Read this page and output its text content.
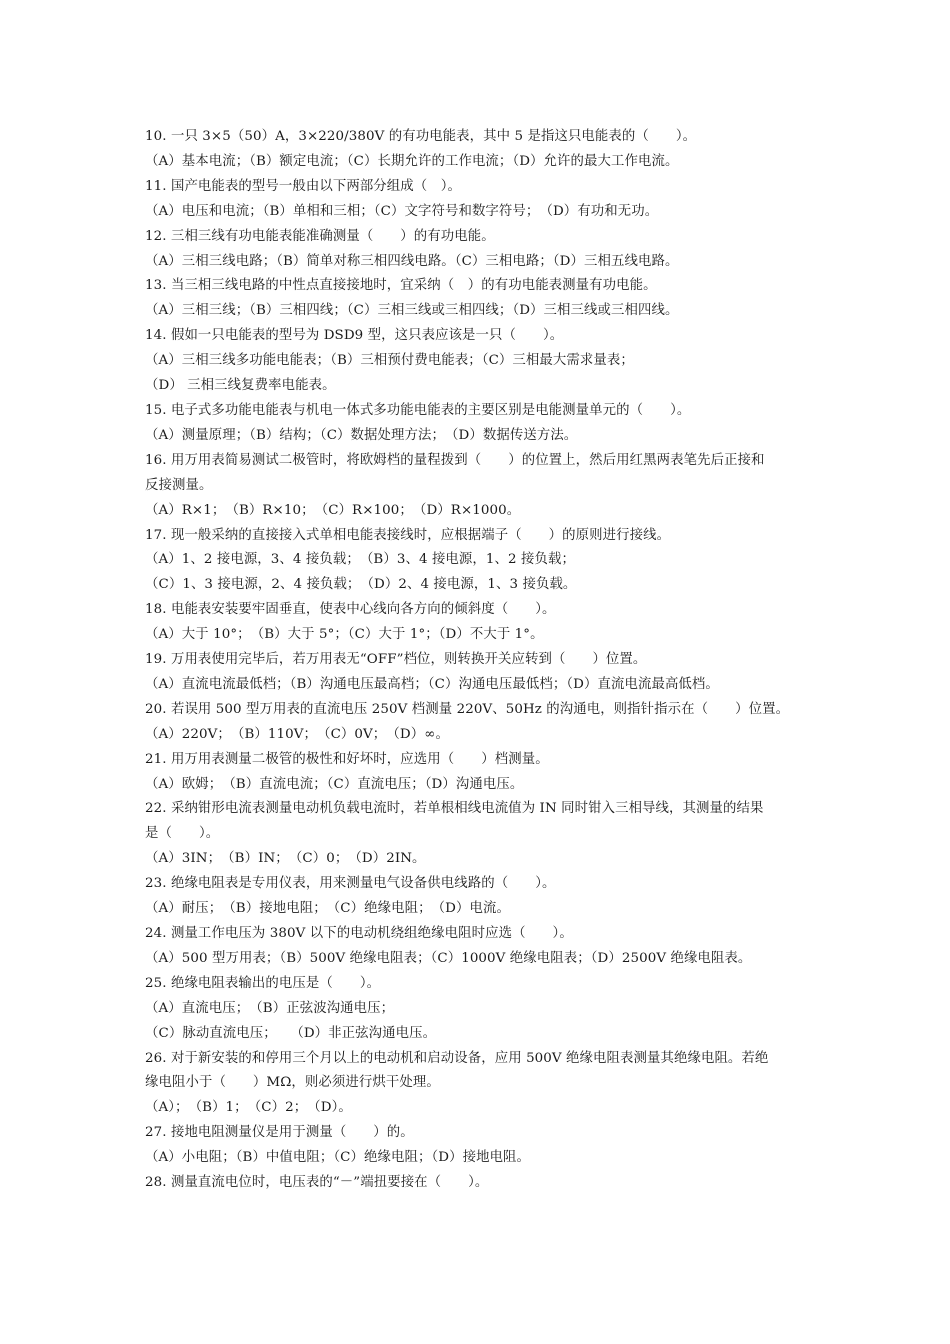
10. 一只 3×5（50）A，3×220/380V 的有功电能表，其中 5 是指这只电能表的（　　）。
（A）基本电流；（B）额定电流；（C）长期允许的工作电流；（D）允许的最大工作电流。
11. 国产电能表的型号一般由以下两部分组成（　）。
（A）电压和电流；（B）单相和三相；（C）文字符号和数字符号；　（D）有功和无功。
12. 三相三线有功电能表能准确测量（　　）的有功电能。
（A）三相三线电路；（B）简单对称三相四线电路。（C）三相电路；（D）三相五线电路。
13. 当三相三线电路的中性点直接接地时，宜采纳（　）的有功电能表测量有功电能。
（A）三相三线；（B）三相四线；（C）三相三线或三相四线；（D）三相三线或三相四线。
14. 假如一只电能表的型号为 DSD9 型，这只表应该是一只（　　）。
（A）三相三线多功能电能表；（B）三相预付费电能表；（C）三相最大需求量表；
（D） 三相三线复费率电能表。
15. 电子式多功能电能表与机电一体式多功能电能表的主要区别是电能测量单元的（　　）。
（A）测量原理；（B）结构；（C）数据处理方法；　（D）数据传送方法。
16. 用万用表简易测试二极管时，将欧姆档的量程拨到（　　）的位置上，然后用红黑两表笔先后正接和
反接测量。
（A）R×1；　（B）R×10；　（C）R×100；　（D）R×1000。
17. 现一般采纳的直接接入式单相电能表接线时，应根据端子（　　）的原则进行接线。
（A）1、2 接电源，3、4 接负载；　（B）3、4 接电源，1、2 接负载；
（C）1、3 接电源，2、4 接负载；　（D）2、4 接电源，1、3 接负载。
18. 电能表安装要牢固垂直，使表中心线向各方向的倾斜度（　　）。
（A）大于 10°；　（B）大于 5°；（C）大于 1°；（D）不大于 1°。
19. 万用表使用完毕后，若万用表无“OFF”档位，则转换开关应转到（　　）位置。
（A）直流电流最低档；（B）沟通电压最高档；（C）沟通电压最低档；（D）直流电流最高低档。
20. 若误用 500 型万用表的直流电压 250V 档测量 220V、50Hz 的沟通电，则指针指示在（　　）位置。
（A）220V；　（B）110V；　（C）0V；　（D）∞。
21. 用万用表测量二极管的极性和好坏时，应选用（　　）档测量。
（A）欧姆；　（B）直流电流；（C）直流电压；（D）沟通电压。
22. 采纳钳形电流表测量电动机负载电流时，若单根相线电流值为 IN 同时钳入三相导线，其测量的结果
是（　　）。
（A）3IN；　（B）IN；　（C）0；　（D）2IN。
23. 绝缘电阻表是专用仪表，用来测量电气设备供电线路的（　　）。
（A）耐压；　（B）接地电阻；　（C）绝缘电阻；　（D）电流。
24. 测量工作电压为 380V 以下的电动机绕组绝缘电阻时应选（　　）。
（A）500 型万用表；（B）500V 绝缘电阻表；（C）1000V 绝缘电阻表；（D）2500V 绝缘电阻表。
25. 绝缘电阻表输出的电压是（　　）。
（A）直流电压；　（B）正弦波沟通电压；
（C）脉动直流电压；　　（D）非正弦沟通电压。
26. 对于新安装的和停用三个月以上的电动机和启动设备，应用 500V 绝缘电阻表测量其绝缘电阻。若绝
缘电阻小于（　　）MΩ，则必须进行烘干处理。
（A）；　（B）1；　（C）2；　（D）。
27. 接地电阻测量仪是用于测量（　　）的。
（A）小电阻；（B）中值电阻；（C）绝缘电阻；（D）接地电阻。
28. 测量直流电位时，电压表的“－”端扭要接在（　　）。
